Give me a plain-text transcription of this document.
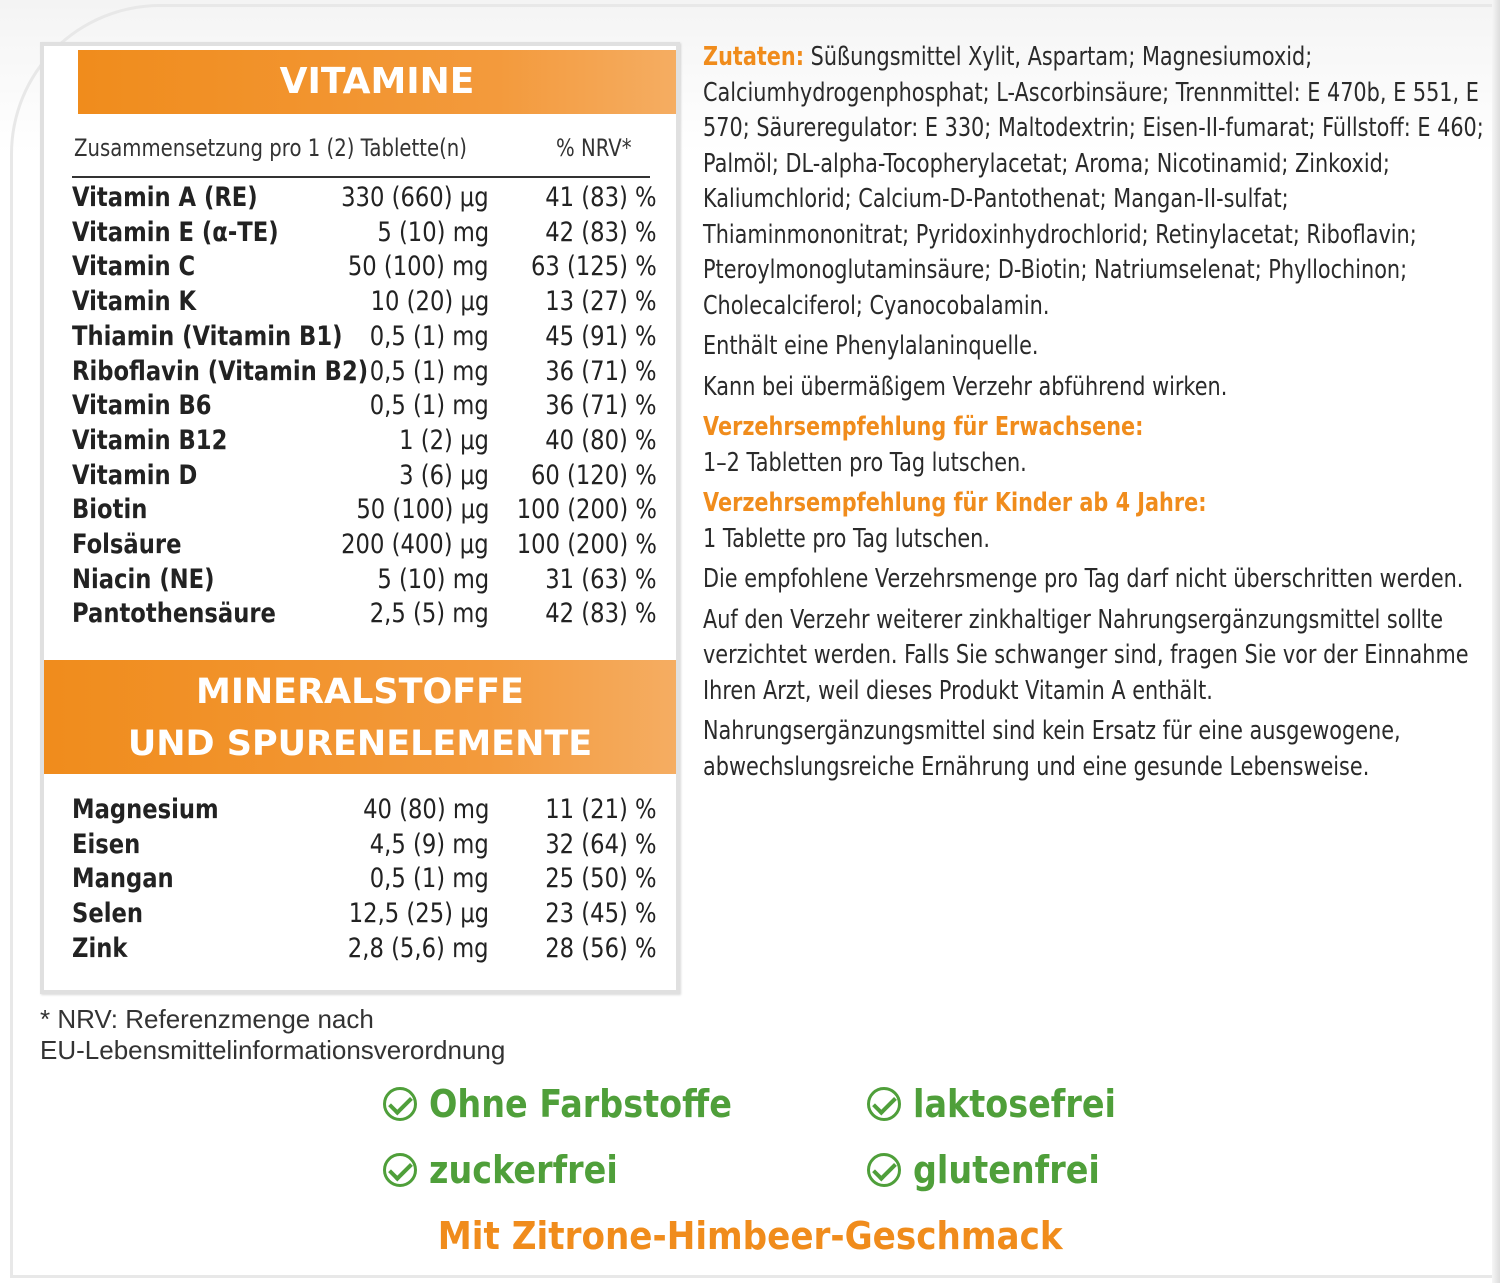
VITAMINE
Zusammensetzung pro 1 (2) Tablette(n)	% NRV*
Vitamin A (RE)	330 (660) µg 41 (83) %
Vitamin E (α-TE)	5 (10) mg 42 (83) %
Vitamin C	50 (100) mg 63 (125) %
Vitamin K	10 (20) µg 13 (27) %
Thiamin (Vitamin B1) 0,5 (1) mg 45 (91) %
Riboflavin (Vitamin B2) 0,5 (1) mg 36 (71) %
Vitamin B6	0,5 (1) mg 36 (71) %
Vitamin B12	1 (2) µg 40 (80) %
Vitamin D	3 (6) µg 60 (120) %
Biotin	50 (100) µg 100 (200) %
Folsäure	200 (400) µg 100 (200) %
Niacin (NE)	5 (10) mg 31 (63) %
Pantothensäure	2,5 (5) mg 42 (83) %
MINERALSTOFFE
UND SPURENELEMENTE
Magnesium	40 (80) mg 11 (21) %
Eisen	4,5 (9) mg 32 (64) %
Mangan	0,5 (1) mg 25 (50) %
Selen	12,5 (25) µg 23 (45) %
Zink	2,8 (5,6) mg 28 (56) %

Zutaten: Süßungsmittel Xylit, Aspartam; Magnesiumoxid; Calciumhydrogenphosphat; L-Ascorbinsäure; Trennmittel: E 470b, E 551, E 570; Säureregulator: E 330; Maltodextrin; Eisen-II-fumarat; Füllstoff: E 460; Palmöl; DL-alpha-Tocopherylacetat; Aroma; Nicotinamid; Zinkoxid; Kaliumchlorid; Calcium-D-Pantothenat; Mangan-II-sulfat; Thiaminmononitrat; Pyridoxinhydrochlorid; Retinylacetat; Riboflavin; Pteroylmonoglutaminsäure; D-Biotin; Natriumselenat; Phyllochinon; Cholecalciferol; Cyanocobalamin.

Enthält eine Phenylalaninquelle.

Kann bei übermäßigem Verzehr abführend wirken.

Verzehrsempfehlung für Erwachsene:

1–2 Tabletten pro Tag lutschen.

Verzehrsempfehlung für Kinder ab 4 Jahre:

1 Tablette pro Tag lutschen.

Die empfohlene Verzehrsmenge pro Tag darf nicht überschritten werden.

Auf den Verzehr weiterer zinkhaltiger Nahrungsergänzungsmittel sollte verzichtet werden. Falls Sie schwanger sind, fragen Sie vor der Einnahme Ihren Arzt, weil dieses Produkt Vitamin A enthält.

Nahrungsergänzungsmittel sind kein Ersatz für eine ausgewogene, abwechslungsreiche Ernährung und eine gesunde Lebensweise.

* NRV: Referenzmenge nach
EU-Lebensmittelinformationsverordnung
Ohne Farbstoffe	laktosefrei
zuckerfrei	glutenfrei
Mit Zitrone-Himbeer-Geschmack
